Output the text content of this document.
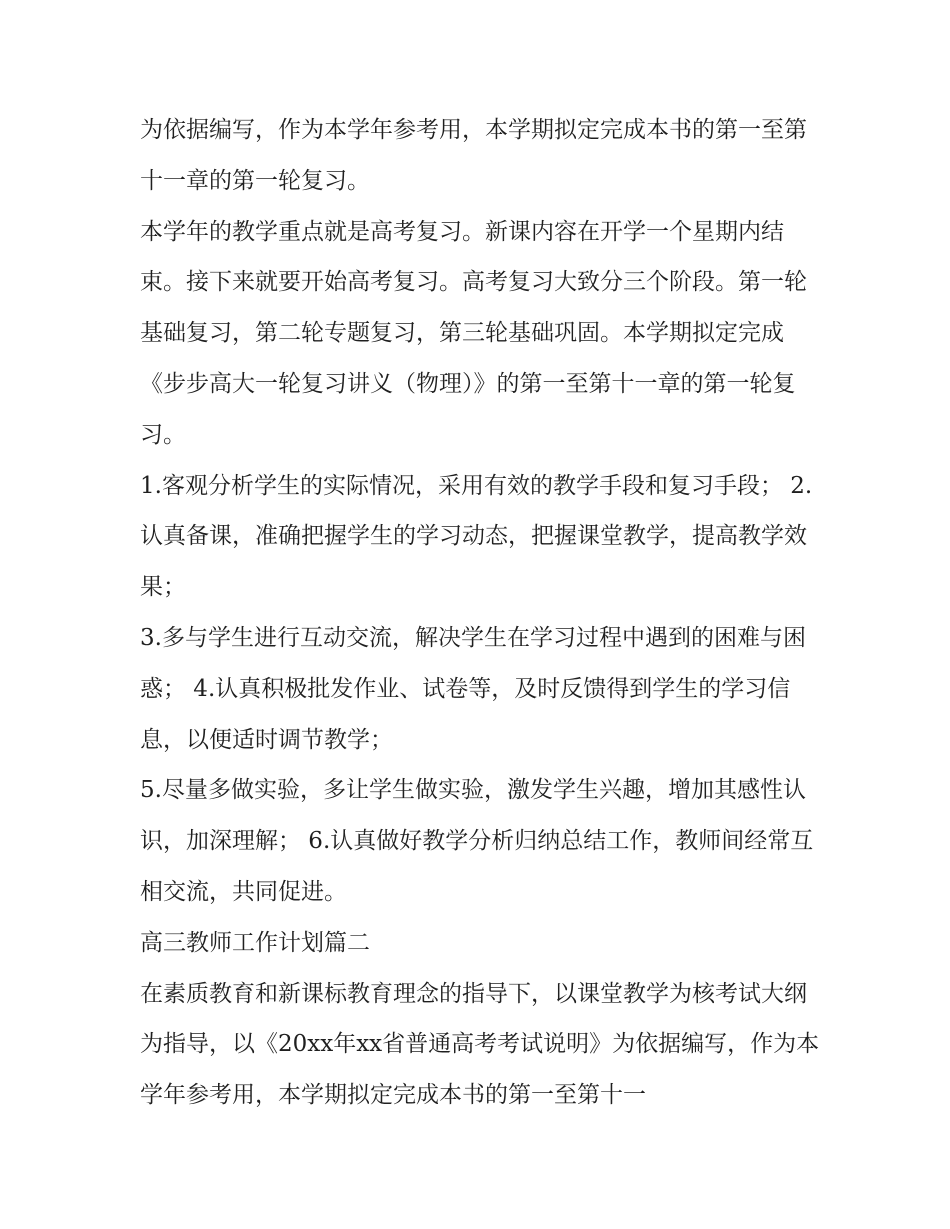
为依据编写，作为本学年参考用，本学期拟定完成本书的第一至第十一章的第一轮复习。

本学年的教学重点就是高考复习。新课内容在开学一个星期内结束。接下来就要开始高考复习。高考复习大致分三个阶段。第一轮基础复习，第二轮专题复习，第三轮基础巩固。本学期拟定完成《步步高大一轮复习讲义（物理）》的第一至第十一章的第一轮复习。

1.客观分析学生的实际情况，采用有效的教学手段和复习手段； 2.认真备课，准确把握学生的学习动态，把握课堂教学，提高教学效果；

3.多与学生进行互动交流，解决学生在学习过程中遇到的困难与困惑； 4.认真积极批发作业、试卷等，及时反馈得到学生的学习信息，以便适时调节教学；

5.尽量多做实验，多让学生做实验，激发学生兴趣，增加其感性认识，加深理解； 6.认真做好教学分析归纳总结工作，教师间经常互相交流，共同促进。

高三教师工作计划篇二

在素质教育和新课标教育理念的指导下，以课堂教学为核考试大纲为指导，以《20xx年xx省普通高考考试说明》为依据编写，作为本学年参考用，本学期拟定完成本书的第一至第十一
